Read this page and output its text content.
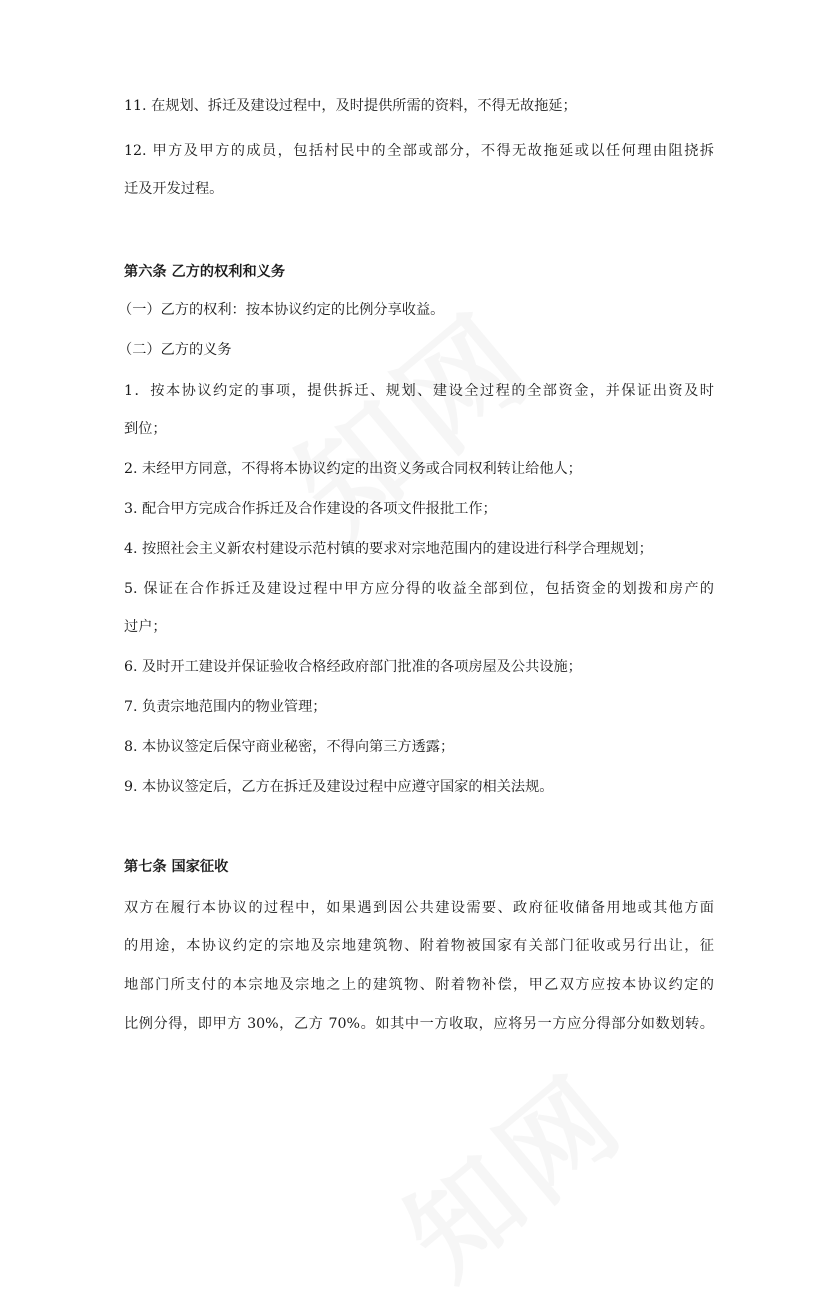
11. 在规划、拆迁及建设过程中，及时提供所需的资料，不得无故拖延；
12. 甲方及甲方的成员，包括村民中的全部或部分，不得无故拖延或以任何理由阻挠拆
迁及开发过程。
第六条 乙方的权利和义务
（一）乙方的权利：按本协议约定的比例分享收益。
（二）乙方的义务
1．按本协议约定的事项，提供拆迁、规划、建设全过程的全部资金，并保证出资及时
到位；
2. 未经甲方同意，不得将本协议约定的出资义务或合同权利转让给他人；
3. 配合甲方完成合作拆迁及合作建设的各项文件报批工作；
4. 按照社会主义新农村建设示范村镇的要求对宗地范围内的建设进行科学合理规划；
5. 保证在合作拆迁及建设过程中甲方应分得的收益全部到位，包括资金的划拨和房产的
过户；
6. 及时开工建设并保证验收合格经政府部门批准的各项房屋及公共设施；
7. 负责宗地范围内的物业管理；
8. 本协议签定后保守商业秘密，不得向第三方透露；
9. 本协议签定后，乙方在拆迁及建设过程中应遵守国家的相关法规。
第七条 国家征收
双方在履行本协议的过程中，如果遇到因公共建设需要、政府征收储备用地或其他方面
的用途，本协议约定的宗地及宗地建筑物、附着物被国家有关部门征收或另行出让，征
地部门所支付的本宗地及宗地之上的建筑物、附着物补偿，甲乙双方应按本协议约定的
比例分得，即甲方 30%，乙方 70%。如其中一方收取，应将另一方应分得部分如数划转。
